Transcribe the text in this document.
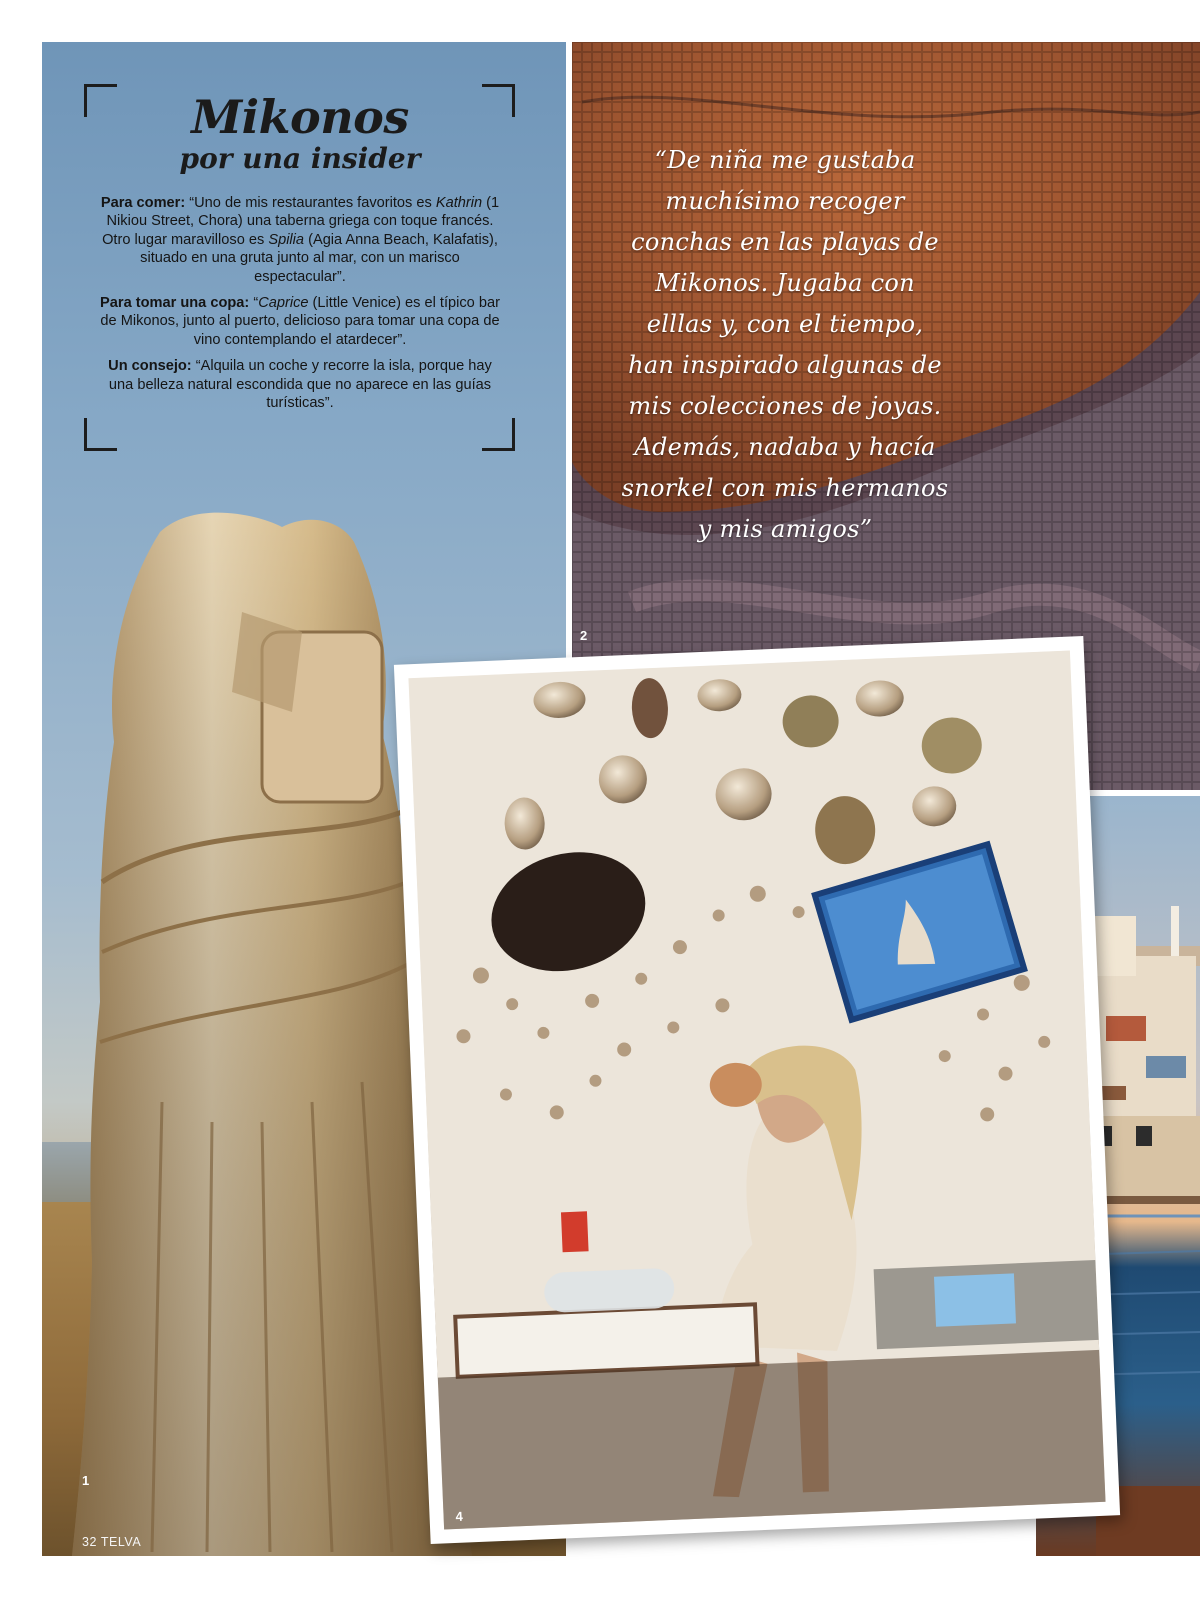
Mikonos
por una insider

Para comer: “Uno de mis restaurantes favoritos es Kathrin (1 Nikiou Street, Chora) una taberna griega con toque francés. Otro lugar maravilloso es Spilia (Agia Anna Beach, Kalafatis), situado en una gruta junto al mar, con un marisco espectacular”.

Para tomar una copa: “Caprice (Little Venice) es el típico bar de Mikonos, junto al puerto, delicioso para tomar una copa de vino contemplando el atardecer”.

Un consejo: “Alquila un coche y recorre la isla, porque hay una belleza natural escondida que no aparece en las guías turísticas”.

1
32 TELVA
2
“De niña me gustaba
muchísimo recoger
conchas en las playas de
Mikonos. Jugaba con
elllas y, con el tiempo,
han inspirado algunas de
mis colecciones de joyas.
Además, nadaba y hacía
snorkel con mis hermanos
y mis amigos”
4
